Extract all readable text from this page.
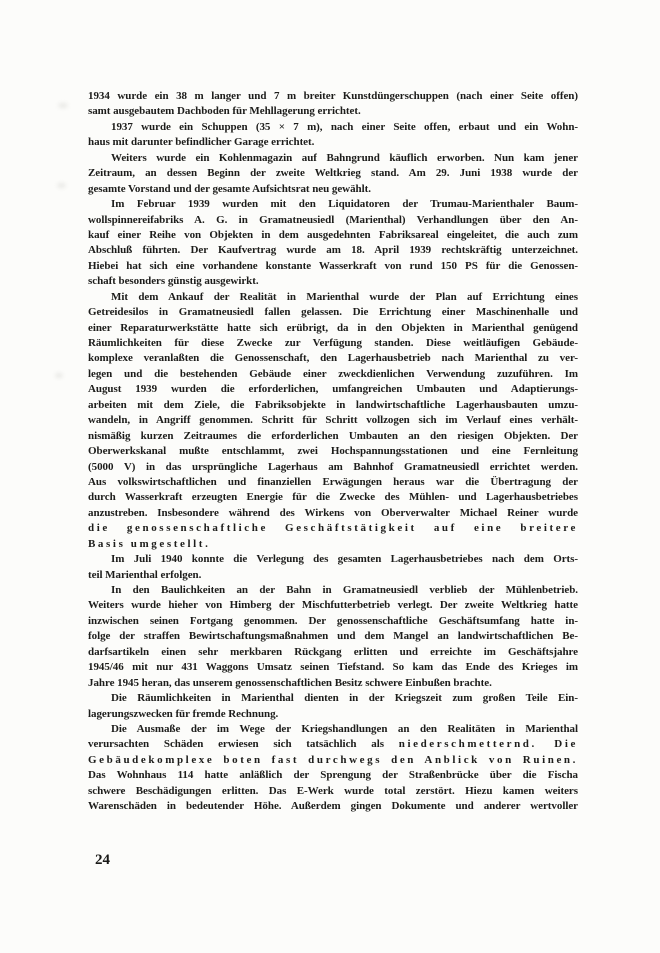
1934 wurde ein 38 m langer und 7 m breiter Kunstdüngerschuppen (nach einer Seite offen)
samt ausgebautem Dachboden für Mehllagerung errichtet.
1937 wurde ein Schuppen (35 × 7 m), nach einer Seite offen, erbaut und ein Wohn-
haus mit darunter befindlicher Garage errichtet.
Weiters wurde ein Kohlenmagazin auf Bahngrund käuflich erworben. Nun kam jener
Zeitraum, an dessen Beginn der zweite Weltkrieg stand. Am 29. Juni 1938 wurde der
gesamte Vorstand und der gesamte Aufsichtsrat neu gewählt.
Im Februar 1939 wurden mit den Liquidatoren der Trumau-Marienthaler Baum-
wollspinnereifabriks A. G. in Gramatneusiedl (Marienthal) Verhandlungen über den An-
kauf einer Reihe von Objekten in dem ausgedehnten Fabriksareal eingeleitet, die auch zum
Abschluß führten. Der Kaufvertrag wurde am 18. April 1939 rechtskräftig unterzeichnet.
Hiebei hat sich eine vorhandene konstante Wasserkraft von rund 150 PS für die Genossen-
schaft besonders günstig ausgewirkt.
Mit dem Ankauf der Realität in Marienthal wurde der Plan auf Errichtung eines
Getreidesilos in Gramatneusiedl fallen gelassen. Die Errichtung einer Maschinenhalle und
einer Reparaturwerkstätte hatte sich erübrigt, da in den Objekten in Marienthal genügend
Räumlichkeiten für diese Zwecke zur Verfügung standen. Diese weitläufigen Gebäude-
komplexe veranlaßten die Genossenschaft, den Lagerhausbetrieb nach Marienthal zu ver-
legen und die bestehenden Gebäude einer zweckdienlichen Verwendung zuzuführen. Im
August 1939 wurden die erforderlichen, umfangreichen Umbauten und Adaptierungs-
arbeiten mit dem Ziele, die Fabriksobjekte in landwirtschaftliche Lagerhausbauten umzu-
wandeln, in Angriff genommen. Schritt für Schritt vollzogen sich im Verlauf eines verhält-
nismäßig kurzen Zeitraumes die erforderlichen Umbauten an den riesigen Objekten. Der
Oberwerkskanal mußte entschlammt, zwei Hochspannungsstationen und eine Fernleitung
(5000 V) in das ursprüngliche Lagerhaus am Bahnhof Gramatneusiedl errichtet werden.
Aus volkswirtschaftlichen und finanziellen Erwägungen heraus war die Übertragung der
durch Wasserkraft erzeugten Energie für die Zwecke des Mühlen- und Lagerhausbetriebes
anzustreben. Insbesondere während des Wirkens von Oberverwalter Michael Reiner wurde
die genossenschaftliche Geschäftstätigkeit auf eine breitere
Basis umgestellt.
Im Juli 1940 konnte die Verlegung des gesamten Lagerhausbetriebes nach dem Orts-
teil Marienthal erfolgen.
In den Baulichkeiten an der Bahn in Gramatneusiedl verblieb der Mühlenbetrieb.
Weiters wurde hieher von Himberg der Mischfutterbetrieb verlegt. Der zweite Weltkrieg hatte
inzwischen seinen Fortgang genommen. Der genossenschaftliche Geschäftsumfang hatte in-
folge der straffen Bewirtschaftungsmaßnahmen und dem Mangel an landwirtschaftlichen Be-
darfsartikeln einen sehr merkbaren Rückgang erlitten und erreichte im Geschäftsjahre
1945/46 mit nur 431 Waggons Umsatz seinen Tiefstand. So kam das Ende des Krieges im
Jahre 1945 heran, das unserem genossenschaftlichen Besitz schwere Einbußen brachte.
Die Räumlichkeiten in Marienthal dienten in der Kriegszeit zum großen Teile Ein-
lagerungszwecken für fremde Rechnung.
Die Ausmaße der im Wege der Kriegshandlungen an den Realitäten in Marienthal
verursachten Schäden erwiesen sich tatsächlich als niederschmetternd. Die
Gebäudekomplexe boten fast durchwegs den Anblick von Ruinen.
Das Wohnhaus 114 hatte anläßlich der Sprengung der Straßenbrücke über die Fischa
schwere Beschädigungen erlitten. Das E-Werk wurde total zerstört. Hiezu kamen weiters
Warenschäden in bedeutender Höhe. Außerdem gingen Dokumente und anderer wertvoller
24
